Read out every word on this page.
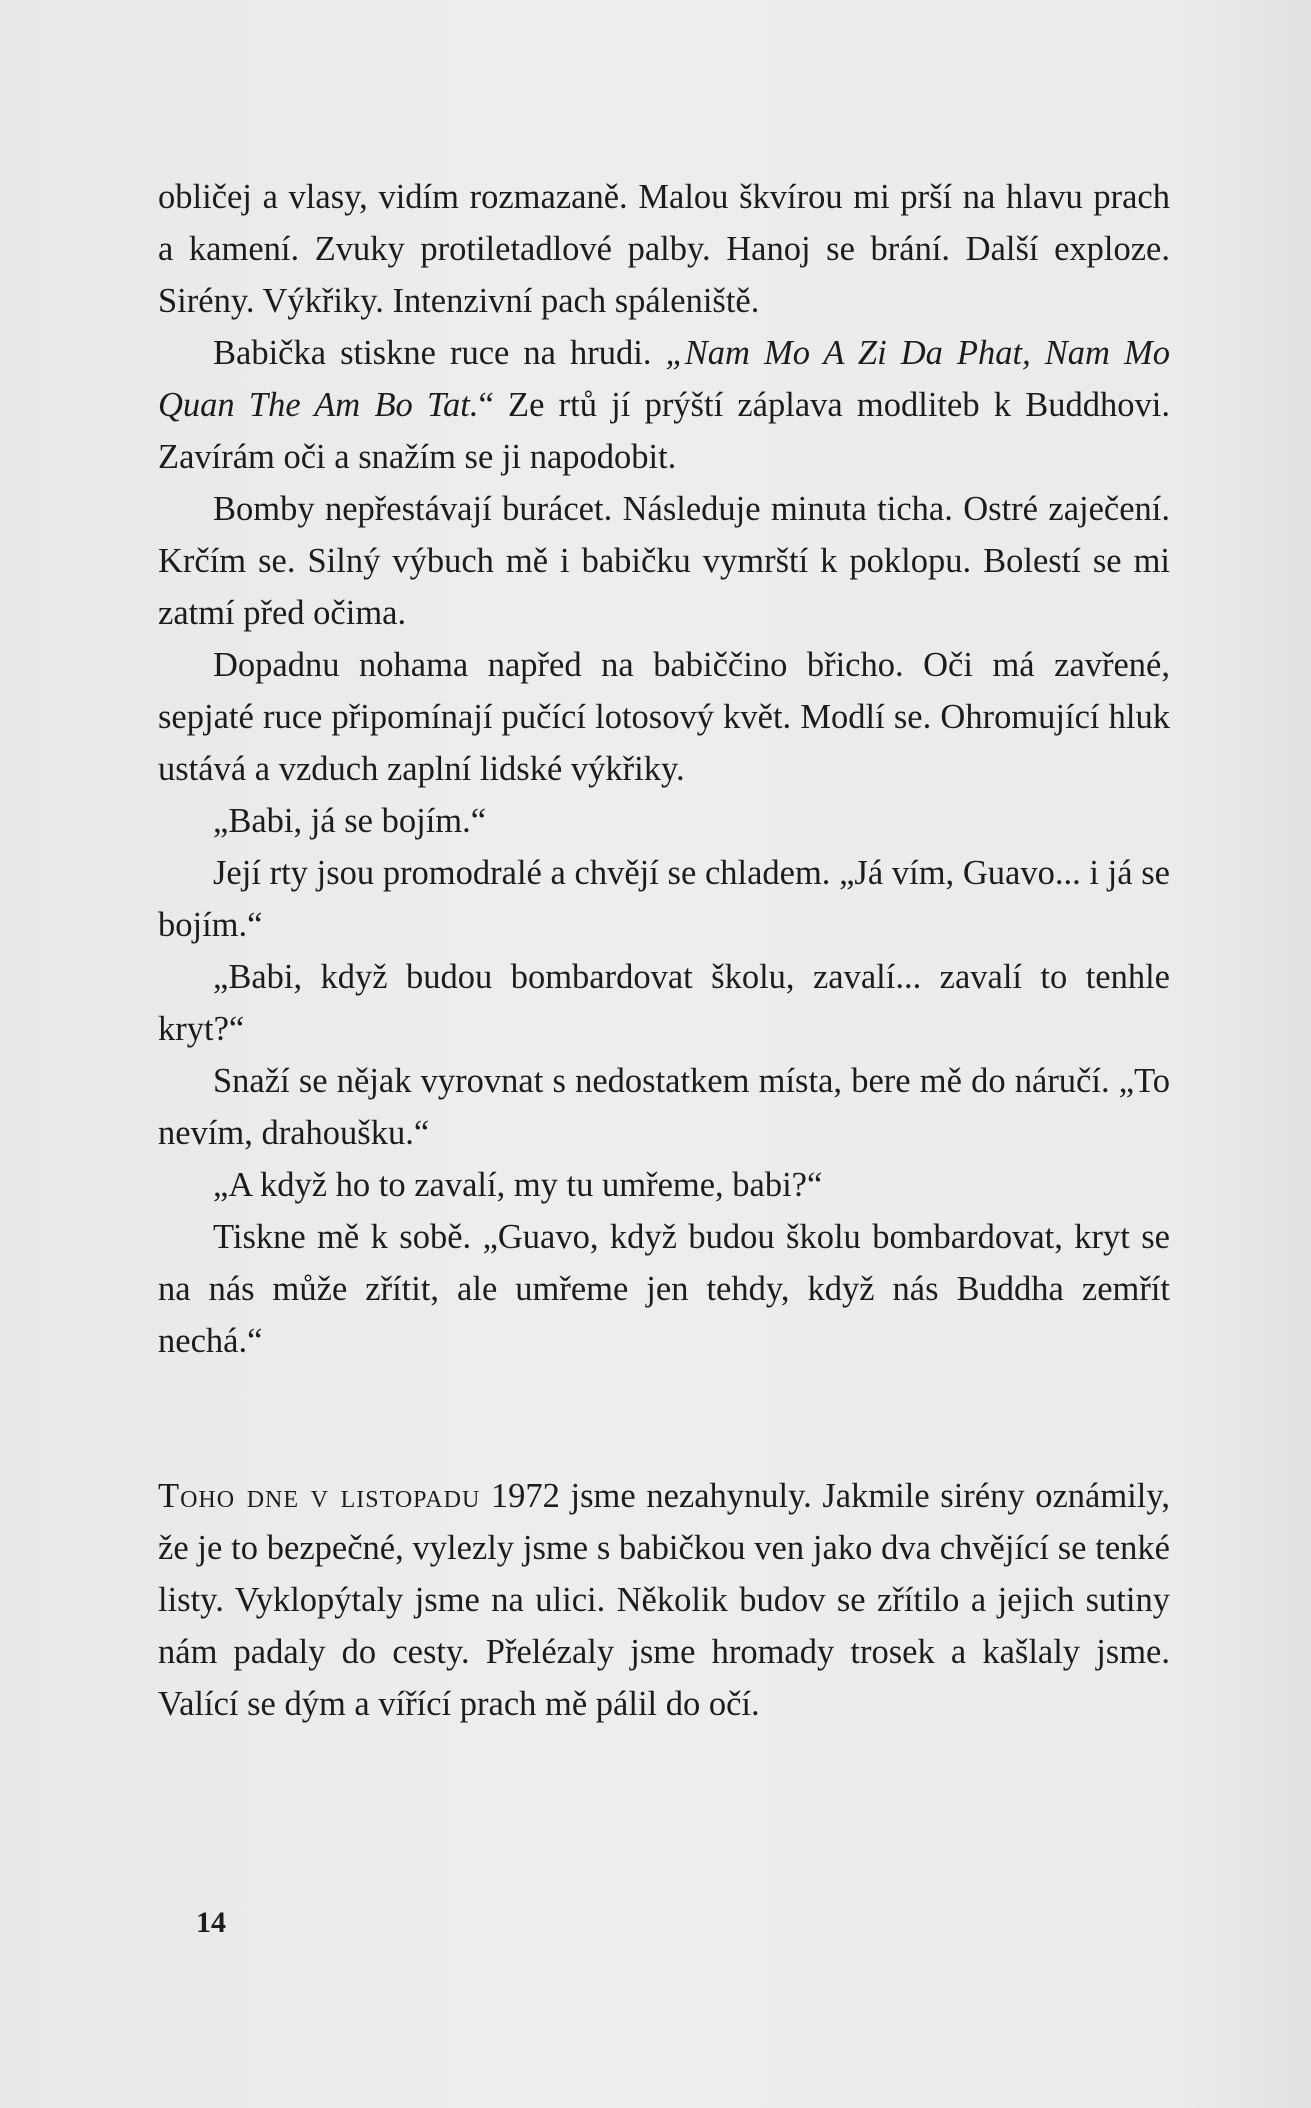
obličej a vlasy, vidím rozmazaně. Malou škvírou mi prší na hlavu prach a kamení. Zvuky protiletadlové palby. Hanoj se brání. Další exploze. Sirény. Výkřiky. Intenzivní pach spáleniště.

Babička stiskne ruce na hrudi. „Nam Mo A Zi Da Phat, Nam Mo Quan The Am Bo Tat.“ Ze rtů jí prýští záplava modliteb k Buddhovi. Zavírám oči a snažím se ji napodobit.

Bomby nepřestávají burácet. Následuje minuta ticha. Ostré zaječení. Krčím se. Silný výbuch mě i babičku vymrští k poklopu. Bolestí se mi zatmí před očima.

Dopadnu nohama napřed na babiččino břicho. Oči má zavřené, sepjaté ruce připomínají pučící lotosový květ. Modlí se. Ohromující hluk ustává a vzduch zaplní lidské výkřiky.

„Babi, já se bojím.“

Její rty jsou promodralé a chvějí se chladem. „Já vím, Guavo... i já se bojím.“

„Babi, když budou bombardovat školu, zavalí... zavalí to tenhle kryt?“

Snaží se nějak vyrovnat s nedostatkem místa, bere mě do náručí. „To nevím, drahoušku.“

„A když ho to zavalí, my tu umřeme, babi?“

Tiskne mě k sobě. „Guavo, když budou školu bombardovat, kryt se na nás může zřítit, ale umřeme jen tehdy, když nás Buddha zemřít nechá.“

Toho dne v listopadu 1972 jsme nezahynuly. Jakmile sirény oznámily, že je to bezpečné, vylezly jsme s babičkou ven jako dva chvějící se tenké listy. Vyklopýtaly jsme na ulici. Několik budov se zřítilo a jejich sutiny nám padaly do cesty. Přelézaly jsme hromady trosek a kašlaly jsme. Valící se dým a vířící prach mě pálil do očí.

14
